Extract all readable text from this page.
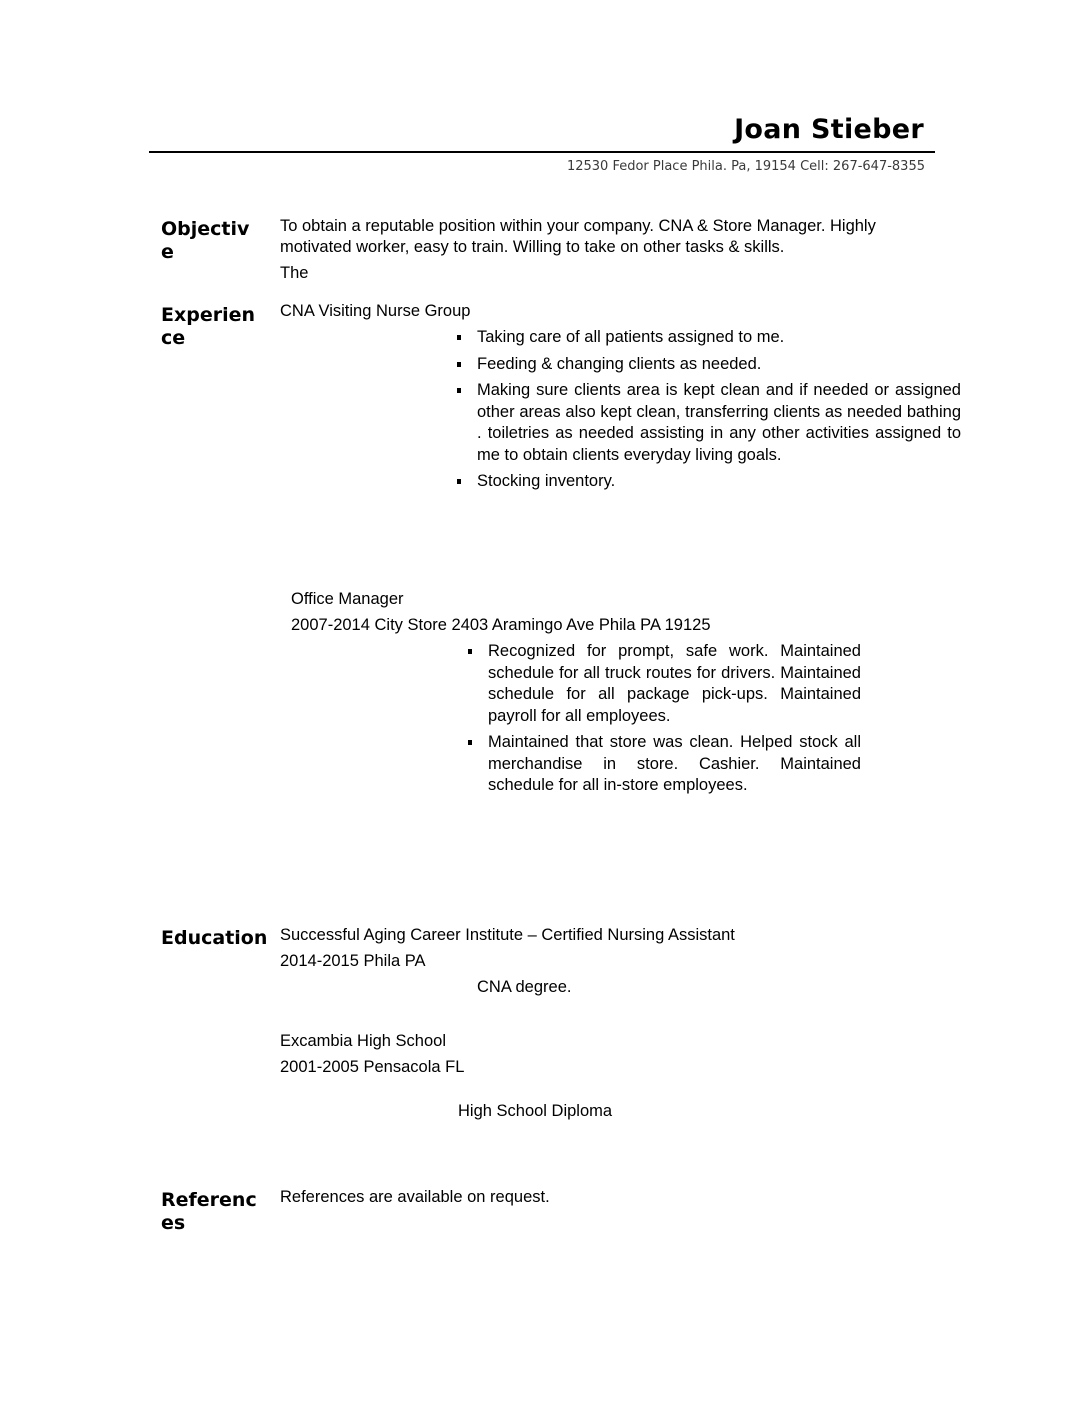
Joan Stieber
12530 Fedor Place Phila. Pa, 19154 Cell: 267-647-8355
Objective
To obtain a reputable position within your company. CNA & Store Manager. Highly motivated worker, easy to train. Willing to take on other tasks & skills.
The
Experience
CNA Visiting Nurse Group
Taking care of all patients assigned to me.
Feeding & changing clients as needed.
Making sure clients area is kept clean and if needed or assigned other areas also kept clean, transferring clients as needed bathing . toiletries as needed assisting in any other activities assigned to me to obtain clients everyday living goals.
Stocking inventory.
Office Manager
2007-2014 City Store 2403 Aramingo Ave Phila PA 19125
Recognized for prompt, safe work. Maintained schedule for all truck routes for drivers. Maintained schedule for all package pick-ups. Maintained payroll for all employees.
Maintained that store was clean. Helped stock all merchandise in store. Cashier. Maintained schedule for all in-store employees.
Education Successful Aging Career Institute – Certified Nursing Assistant
2014-2015 Phila PA
CNA degree.
Excambia High School
2001-2005 Pensacola FL
High School Diploma
References
References are available on request.
